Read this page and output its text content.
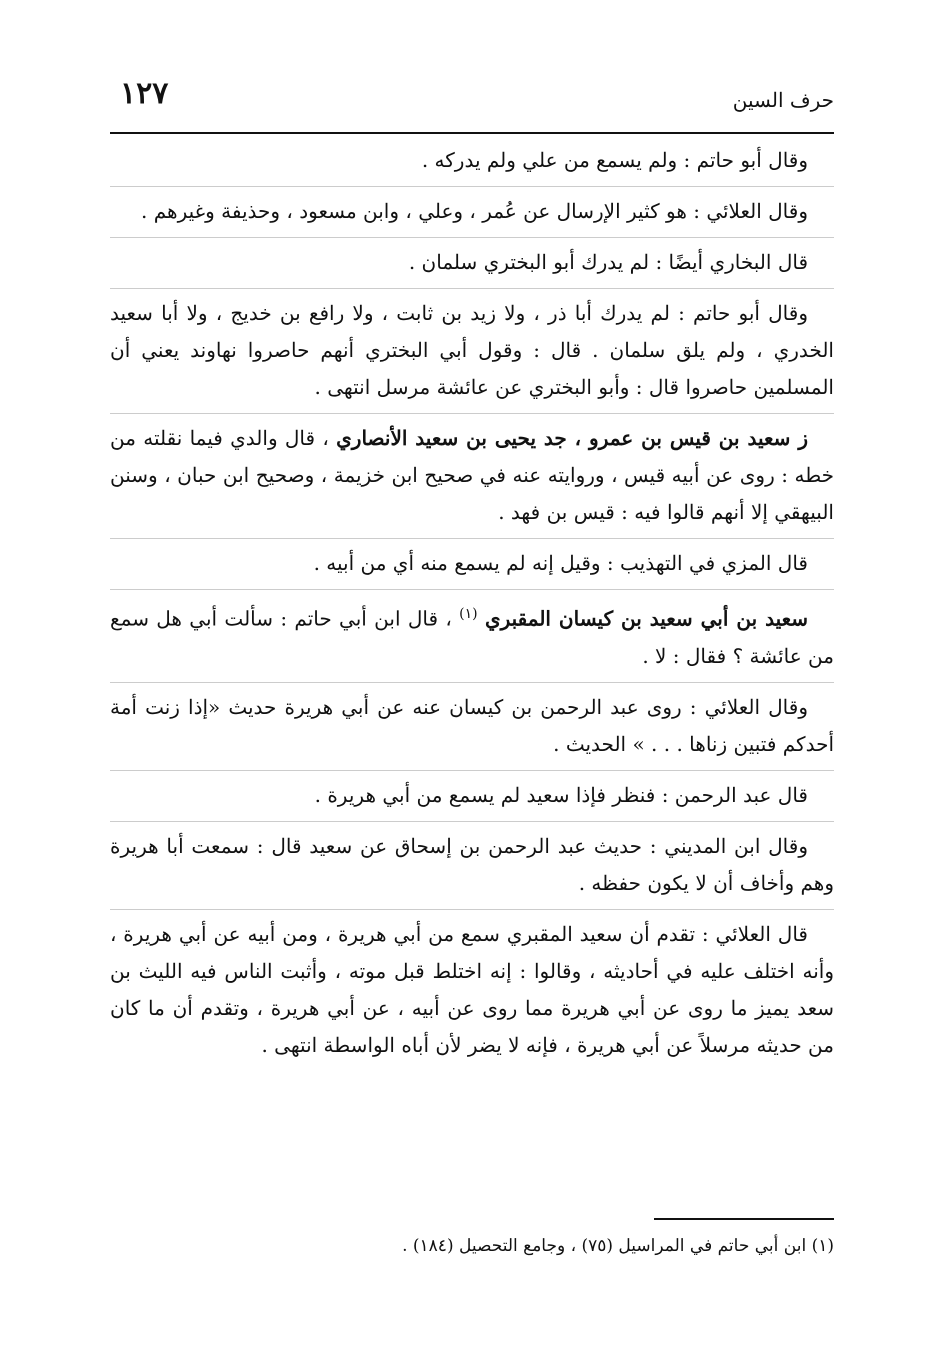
١٢٧	حرف السين

وقال أبو حاتم : ولم يسمع من علي ولم يدركه .

وقال العلائي : هو كثير الإرسال عن عُمر ، وعلي ، وابن مسعود ، وحذيفة وغيرهم .

قال البخاري أيضًا : لم يدرك أبو البختري سلمان .

وقال أبو حاتم : لم يدرك أبا ذر ، ولا زيد بن ثابت ، ولا رافع بن خديج ، ولا أبا سعيد الخدري ، ولم يلق سلمان . قال : وقول أبي البختري أنهم حاصروا نهاوند يعني أن المسلمين حاصروا قال : وأبو البختري عن عائشة مرسل انتهى .

ز سعيد بن قيس بن عمرو ، جد يحيى بن سعيد الأنصاري ، قال والدي فيما نقلته من خطه : روى عن أبيه قيس ، وروايته عنه في صحيح ابن خزيمة ، وصحيح ابن حبان ، وسنن البيهقي إلا أنهم قالوا فيه : قيس بن فهد .

قال المزي في التهذيب : وقيل إنه لم يسمع منه أي من أبيه .

سعيد بن أبي سعيد بن كيسان المقبري $^{(١)}$ ، قال ابن أبي حاتم : سألت أبي هل سمع من عائشة ؟ فقال : لا .

وقال العلائي : روى عبد الرحمن بن كيسان عنه عن أبي هريرة حديث «إذا زنت أمة أحدكم فتبين زناها . . . » الحديث .

قال عبد الرحمن : فنظر فإذا سعيد لم يسمع من أبي هريرة .

وقال ابن المديني : حديث عبد الرحمن بن إسحاق عن سعيد قال : سمعت أبا هريرة وهم وأخاف أن لا يكون حفظه .

قال العلائي : تقدم أن سعيد المقبري سمع من أبي هريرة ، ومن أبيه عن أبي هريرة ، وأنه اختلف عليه في أحاديثه ، وقالوا : إنه اختلط قبل موته ، وأثبت الناس فيه الليث بن سعد يميز ما روى عن أبي هريرة مما روى عن أبيه ، عن أبي هريرة ، وتقدم أن ما كان من حديثه مرسلاً عن أبي هريرة ، فإنه لا يضر لأن أباه الواسطة انتهى .

(١) ابن أبي حاتم في المراسيل (٧٥) ، وجامع التحصيل (١٨٤) .
